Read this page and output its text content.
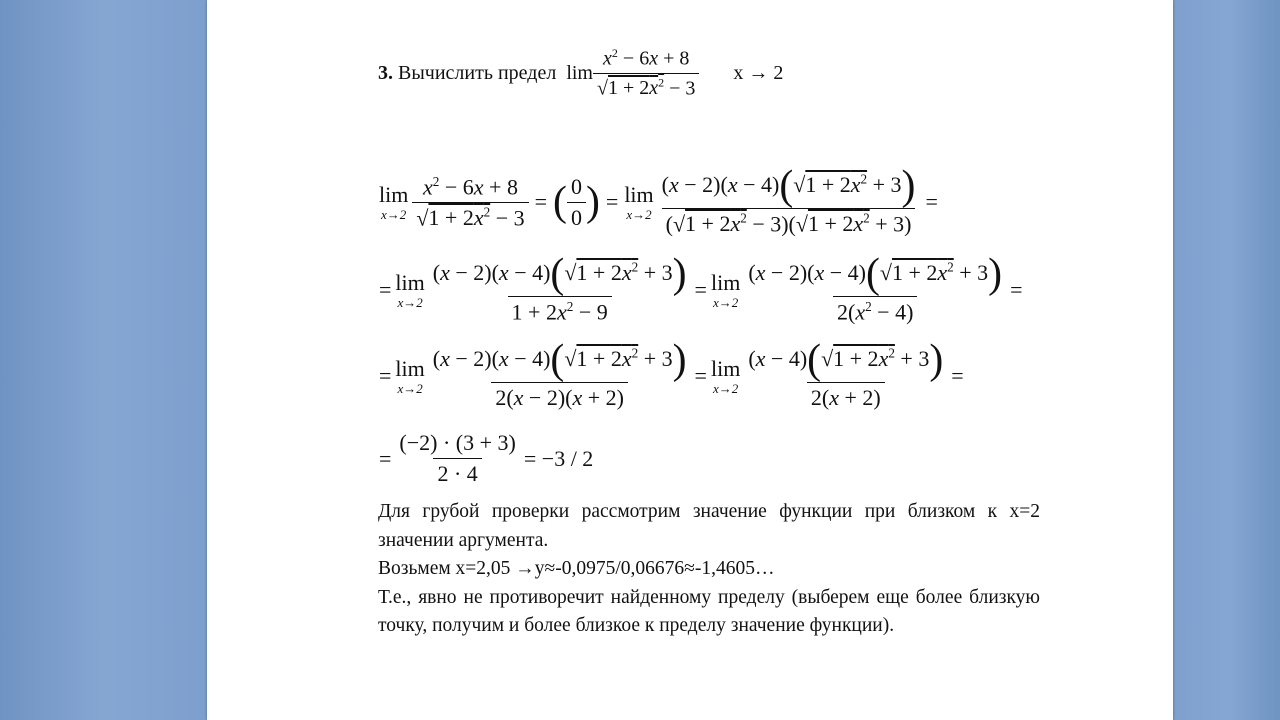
3. Вычислить предел $\lim \frac{x^2 - 6x + 8}{√1 + 2x^2 - 3}$ x → 2
lim
$x\to 2 \frac{x^2 - 6x + 8}{√1 + 2x^2 - 3}$ = ( $\frac{0}{0}$ ) = lim
$x\to 2 \frac{(x - 2)(x - 4)(√1 + 2x^2 + 3)}{(√1 + 2x^2 - 3)(√1 + 2x^2 + 3)}$ =
= lim
$x\to 2 \frac{(x - 2)(x - 4)(√1 + 2x^2 + 3)}{1 + 2x^2 - 9} = \lim$
$x\to 2 \frac{(x - 2)(x - 4)(√1 + 2x^2 + 3)}{2(x^2 - 4)}$ =
= lim
$x\to 2 \frac{(x - 2)(x - 4)(√1 + 2x^2 + 3)}{2(x - 2)(x + 2)} = \lim$
$x\to 2 \frac{(x - 4)(√1 + 2x^2 + 3)}{2(x + 2)}$ =
= $\frac{(-2) \cdot (3 + 3)}{2 \cdot 4} = -3 / 2$

Для грубой проверки рассмотрим значение функции при близком к x=2 значении аргумента.

Возьмем x=2,05 →y≈-0,0975/0,06676≈-1,4605…

Т.е., явно не противоречит найденному пределу (выберем еще более близкую точку, получим и более близкое к пределу значение функции).
